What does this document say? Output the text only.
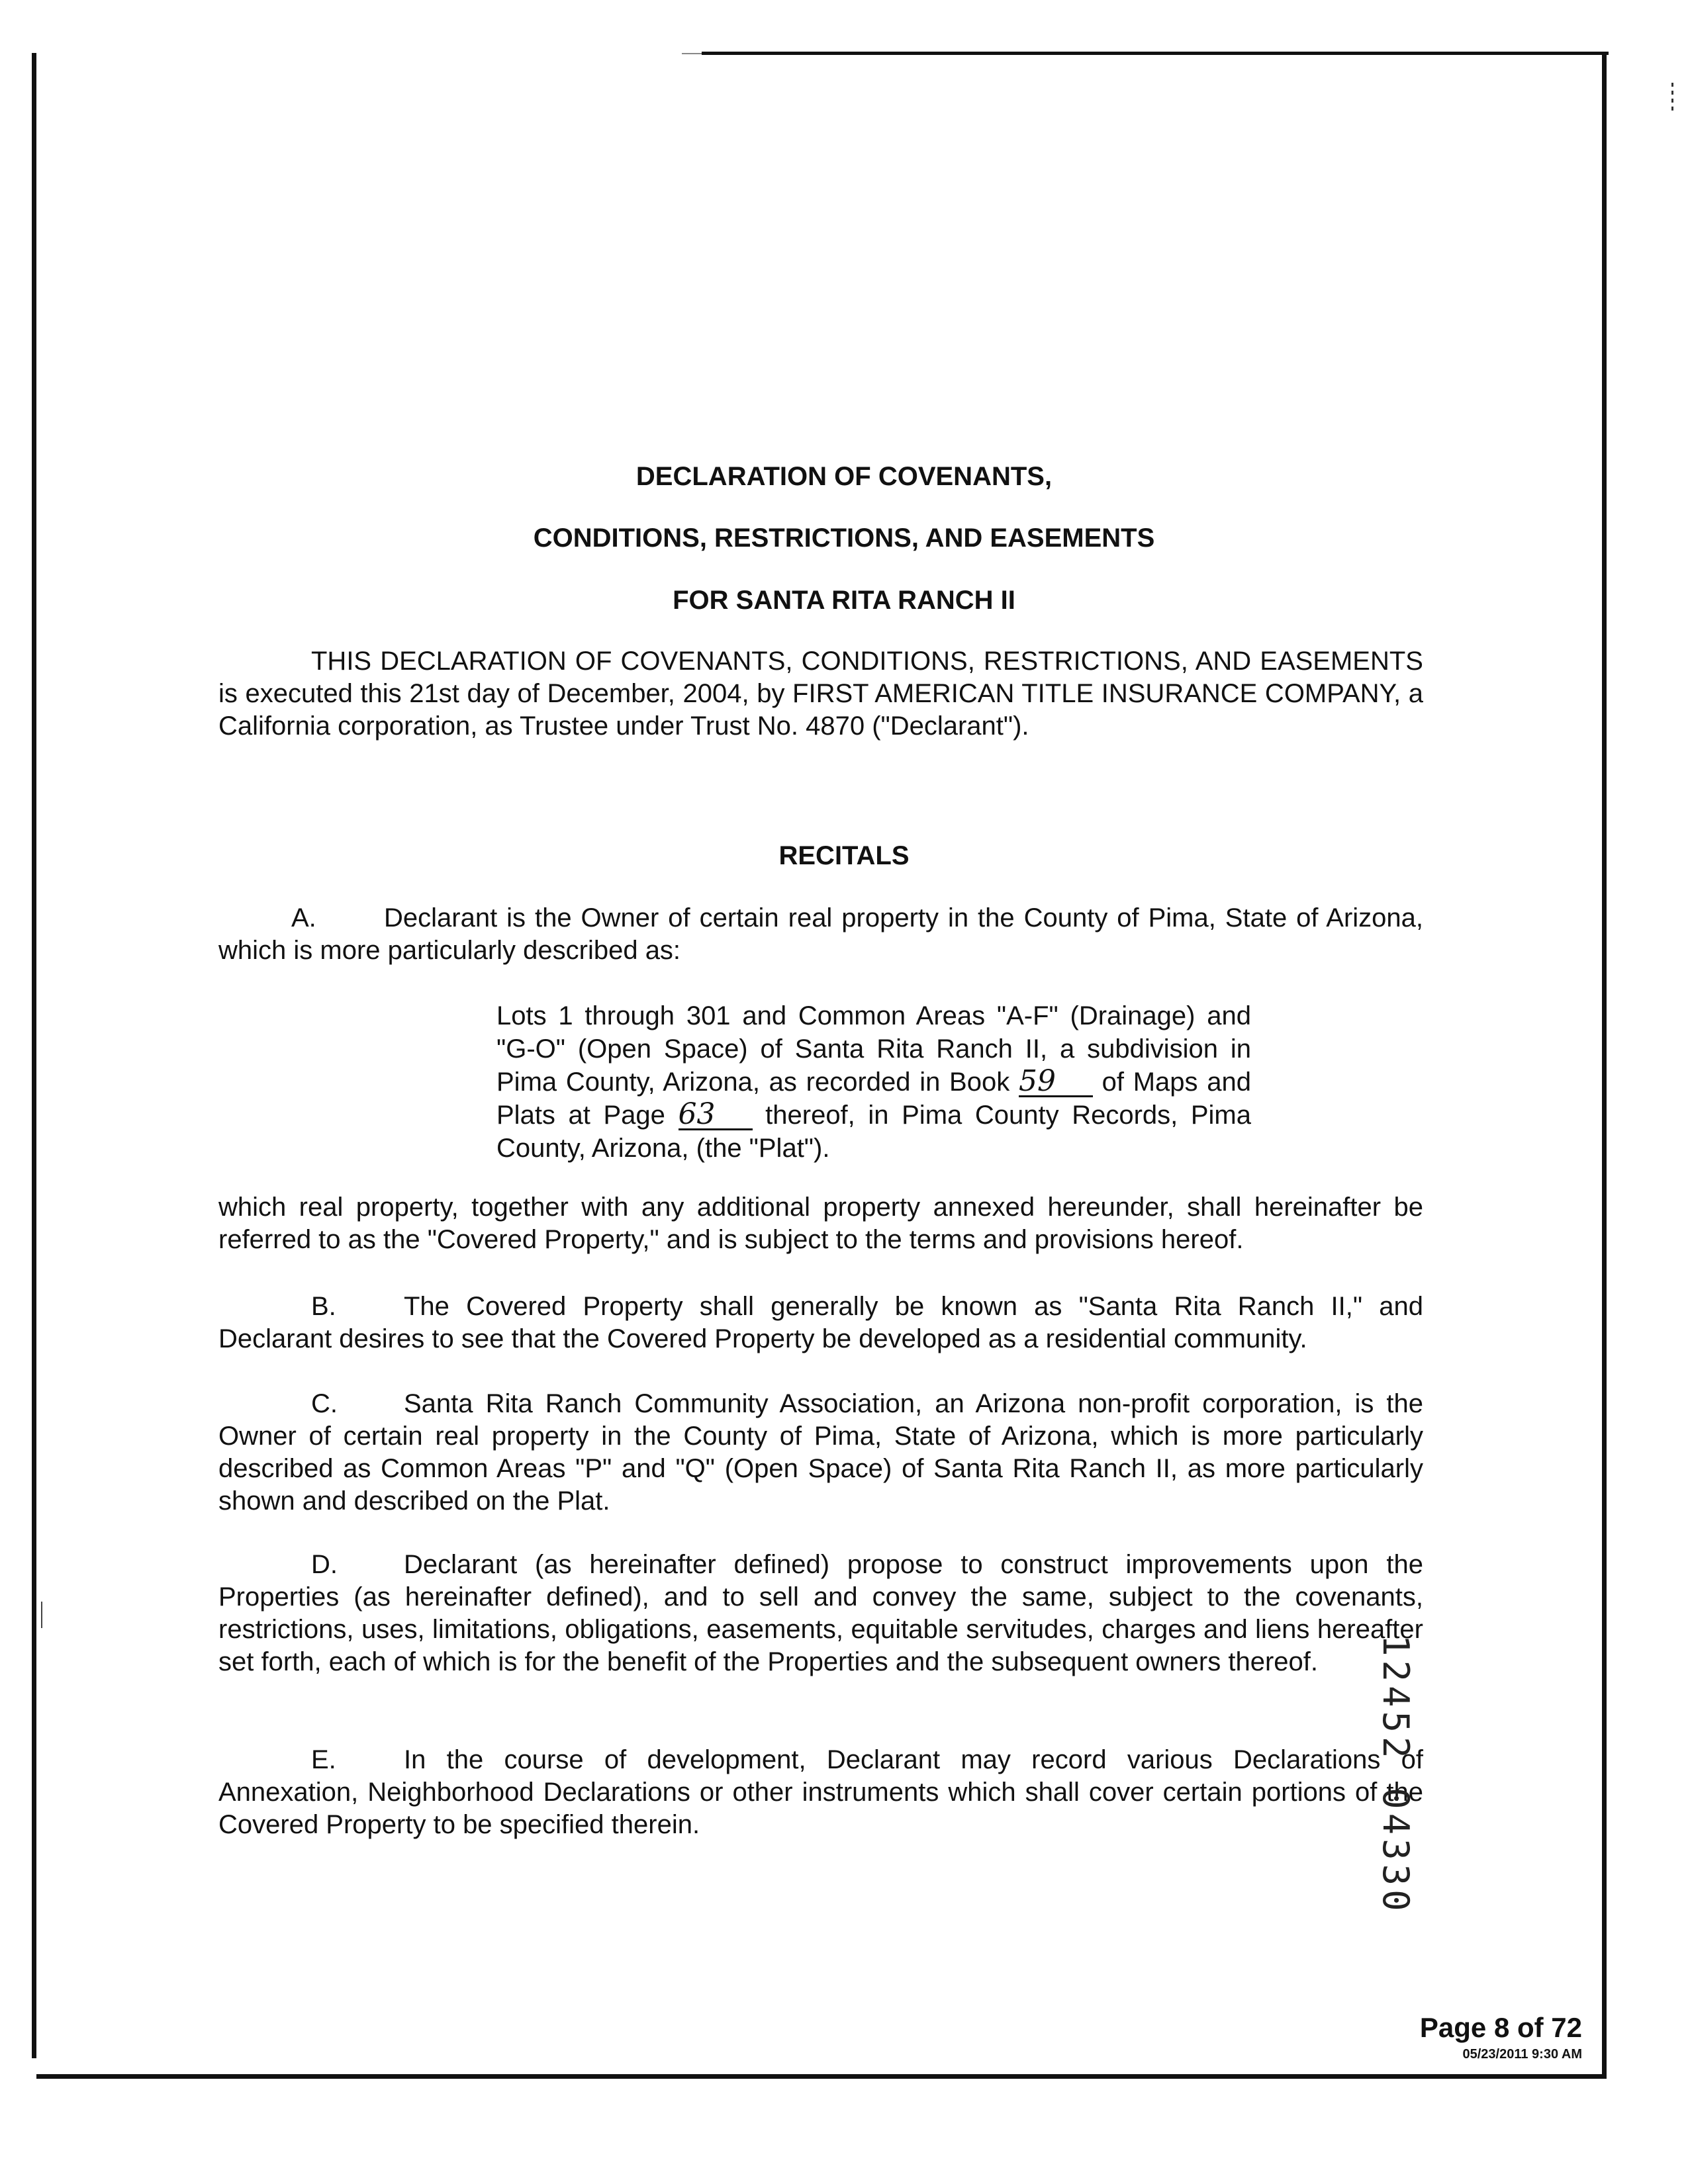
DECLARATION OF COVENANTS,
CONDITIONS, RESTRICTIONS, AND EASEMENTS
FOR SANTA RITA RANCH II

THIS DECLARATION OF COVENANTS, CONDITIONS, RESTRICTIONS, AND EASEMENTS is executed this 21st day of December, 2004, by FIRST AMERICAN TITLE INSURANCE COMPANY, a California corporation, as Trustee under Trust No. 4870 ("Declarant").

RECITALS

A.	Declarant is the Owner of certain real property in the County of Pima, State of Arizona, which is more particularly described as:

Lots 1 through 301 and Common Areas "A-F" (Drainage) and "G-O" (Open Space) of Santa Rita Ranch II, a subdivision in Pima County, Arizona, as recorded in Book 59 of Maps and Plats at Page 63 thereof, in Pima County Records, Pima County, Arizona, (the "Plat").

which real property, together with any additional property annexed hereunder, shall hereinafter be referred to as the "Covered Property," and is subject to the terms and provisions hereof.

B.	The Covered Property shall generally be known as "Santa Rita Ranch II," and Declarant desires to see that the Covered Property be developed as a residential community.

C.	Santa Rita Ranch Community Association, an Arizona non-profit corporation, is the Owner of certain real property in the County of Pima, State of Arizona, which is more particularly described as Common Areas "P" and "Q" (Open Space) of Santa Rita Ranch II, as more particularly shown and described on the Plat.

D.	Declarant (as hereinafter defined) propose to construct improvements upon the Properties (as hereinafter defined), and to sell and convey the same, subject to the covenants, restrictions, uses, limitations, obligations, easements, equitable servitudes, charges and liens hereafter set forth, each of which is for the benefit of the Properties and the subsequent owners thereof.

E.	In the course of development, Declarant may record various Declarations of Annexation, Neighborhood Declarations or other instruments which shall cover certain portions of the Covered Property to be specified therein.	12452 04330
Page 8 of 72
05/23/2011 9:30 AM
